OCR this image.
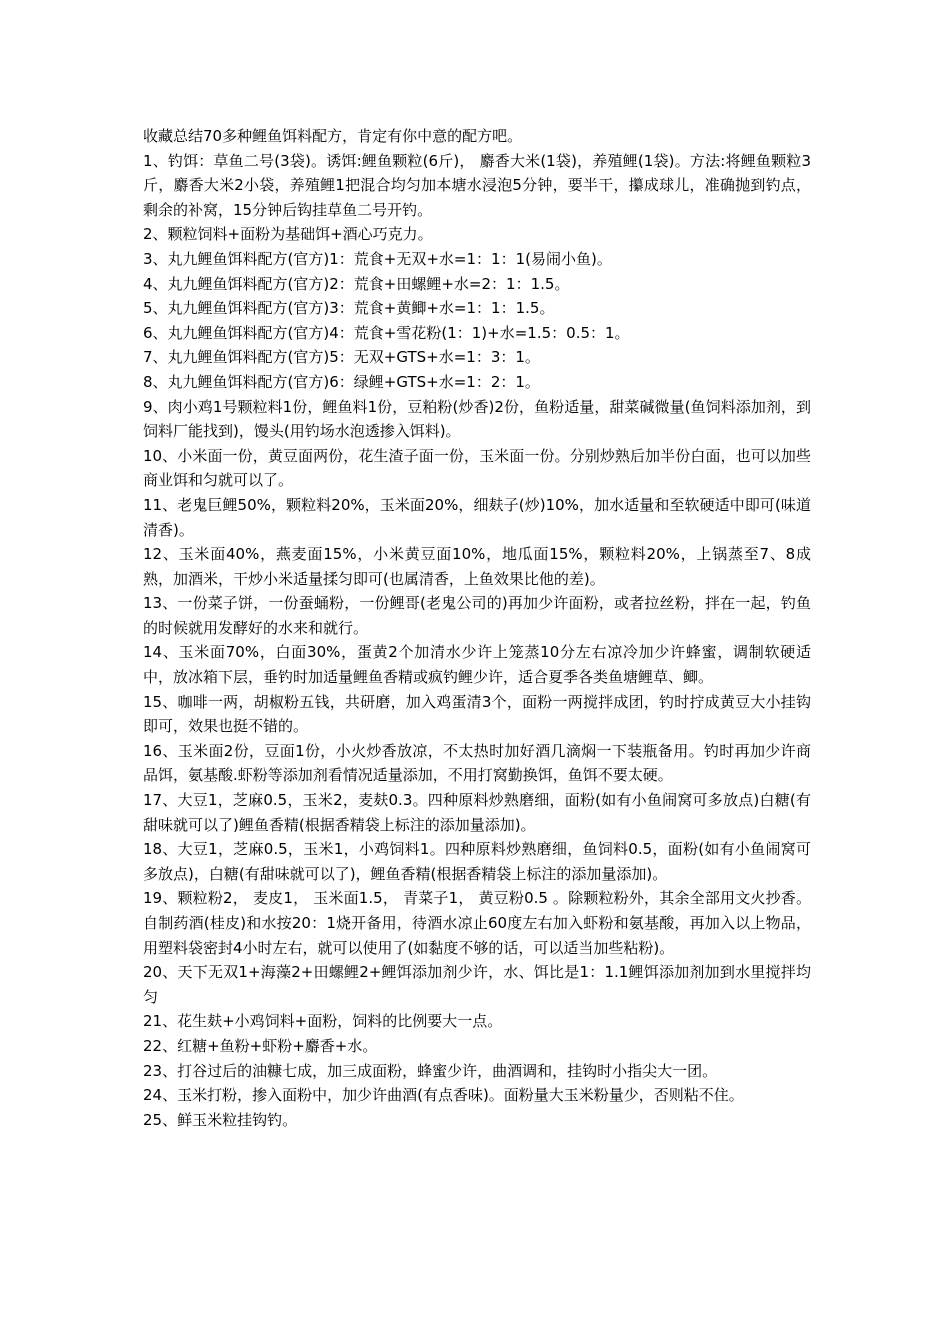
收藏总结70多种鲤鱼饵料配方，肯定有你中意的配方吧。

1、钓饵：草鱼二号(3袋)。诱饵:鲤鱼颗粒(6斤)， 麝香大米(1袋)，养殖鲤(1袋)。方法:将鲤鱼颗粒3斤，麝香大米2小袋，养殖鲤1把混合均匀加本塘水浸泡5分钟，要半干，攥成球儿，准确抛到钓点，剩余的补窝，15分钟后钩挂草鱼二号开钓。

2、颗粒饲料+面粉为基础饵+酒心巧克力。

3、丸九鲤鱼饵料配方(官方)1：荒食+无双+水=1：1：1(易闹小鱼)。

4、丸九鲤鱼饵料配方(官方)2：荒食+田螺鲤+水=2：1：1.5。

5、丸九鲤鱼饵料配方(官方)3：荒食+黄鲫+水=1：1：1.5。

6、丸九鲤鱼饵料配方(官方)4：荒食+雪花粉(1：1)+水=1.5：0.5：1。

7、丸九鲤鱼饵料配方(官方)5：无双+GTS+水=1：3：1。

8、丸九鲤鱼饵料配方(官方)6：绿鲤+GTS+水=1：2：1。

9、肉小鸡1号颗粒料1份，鲤鱼料1份，豆粕粉(炒香)2份，鱼粉适量，甜菜碱微量(鱼饲料添加剂，到饲料厂能找到)，馒头(用钓场水泡透掺入饵料)。

10、小米面一份，黄豆面两份，花生渣子面一份，玉米面一份。分别炒熟后加半份白面，也可以加些商业饵和匀就可以了。

11、老鬼巨鲤50%，颗粒料20%，玉米面20%，细麸子(炒)10%，加水适量和至软硬适中即可(味道清香)。

12、玉米面40%，燕麦面15%，小米黄豆面10%，地瓜面15%，颗粒料20%，上锅蒸至7、8成熟，加酒米，干炒小米适量揉匀即可(也属清香，上鱼效果比他的差)。

13、一份菜子饼，一份蚕蛹粉，一份鲤哥(老鬼公司的)再加少许面粉，或者拉丝粉，拌在一起，钓鱼的时候就用发酵好的水来和就行。

14、玉米面70%，白面30%，蛋黄2个加清水少许上笼蒸10分左右凉冷加少许蜂蜜，调制软硬适中，放冰箱下层，垂钓时加适量鲤鱼香精或疯钓鲤少许，适合夏季各类鱼塘鲤草、鲫。

15、咖啡一两，胡椒粉五钱，共研磨，加入鸡蛋清3个，面粉一两搅拌成团，钓时拧成黄豆大小挂钩即可，效果也挺不错的。

16、玉米面2份，豆面1份，小火炒香放凉，不太热时加好酒几滴焖一下装瓶备用。钓时再加少许商品饵，氨基酸.虾粉等添加剂看情况适量添加，不用打窝勤换饵，鱼饵不要太硬。

17、大豆1，芝麻0.5，玉米2，麦麸0.3。四种原料炒熟磨细，面粉(如有小鱼闹窝可多放点)白糖(有甜味就可以了)鲤鱼香精(根据香精袋上标注的添加量添加)。

18、大豆1，芝麻0.5，玉米1，小鸡饲料1。四种原料炒熟磨细，鱼饲料0.5，面粉(如有小鱼闹窝可多放点)，白糖(有甜味就可以了)，鲤鱼香精(根据香精袋上标注的添加量添加)。

19、颗粒粉2， 麦皮1， 玉米面1.5， 青菜子1， 黄豆粉0.5 。除颗粒粉外，其余全部用文火抄香。自制药酒(桂皮)和水按20：1烧开备用，待酒水凉止60度左右加入虾粉和氨基酸，再加入以上物品，用塑料袋密封4小时左右，就可以使用了(如黏度不够的话，可以适当加些粘粉)。

20、天下无双1+海藻2+田螺鲤2+鲤饵添加剂少许，水、饵比是1：1.1鲤饵添加剂加到水里搅拌均匀

21、花生麸+小鸡饲料+面粉，饲料的比例要大一点。

22、红糖+鱼粉+虾粉+麝香+水。

23、打谷过后的油糠七成，加三成面粉，蜂蜜少许，曲酒调和，挂钩时小指尖大一团。

24、玉米打粉，掺入面粉中，加少许曲酒(有点香味)。面粉量大玉米粉量少，否则粘不住。

25、鲜玉米粒挂钩钓。
